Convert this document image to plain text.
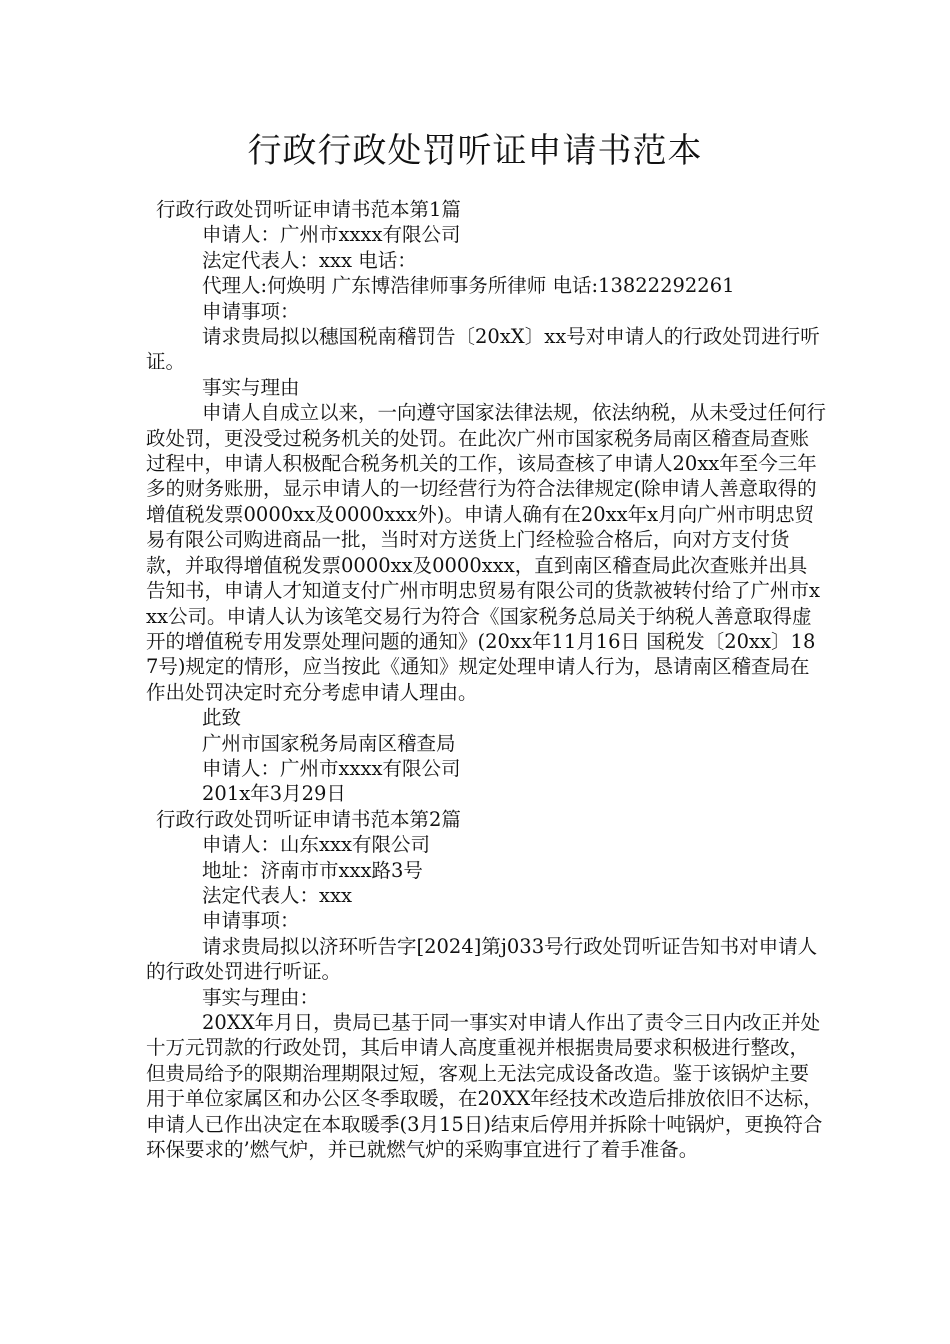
行政行政处罚听证申请书范本

行政行政处罚听证申请书范本第1篇

申请人：广州市xxxx有限公司

法定代表人：xxx 电话：

代理人:何焕明 广东博浩律师事务所律师 电话:13822292261

申请事项：

请求贵局拟以穗国税南稽罚告〔20xX〕xx号对申请人的行政处罚进行听证。

事实与理由

申请人自成立以来，一向遵守国家法律法规，依法纳税，从未受过任何行政处罚，更没受过税务机关的处罚。在此次广州市国家税务局南区稽查局查账过程中，申请人积极配合税务机关的工作，该局查核了申请人20xx年至今三年多的财务账册，显示申请人的一切经营行为符合法律规定(除申请人善意取得的增值税发票0000xx及0000xxx外)。申请人确有在20xx年x月向广州市明忠贸易有限公司购进商品一批，当时对方送货上门经检验合格后，向对方支付货款，并取得增值税发票0000xx及0000xxx，直到南区稽查局此次查账并出具告知书，申请人才知道支付广州市明忠贸易有限公司的货款被转付给了广州市xxx公司。申请人认为该笔交易行为符合《国家税务总局关于纳税人善意取得虚开的增值税专用发票处理问题的通知》(20xx年11月16日 国税发〔20xx〕187号)规定的情形，应当按此《通知》规定处理申请人行为，恳请南区稽查局在作出处罚决定时充分考虑申请人理由。

此致

广州市国家税务局南区稽查局

申请人：广州市xxxx有限公司

201x年3月29日

行政行政处罚听证申请书范本第2篇

申请人：山东xxx有限公司

地址：济南市市xxx路3号

法定代表人：xxx

申请事项：

请求贵局拟以济环听告字[2024]第j033号行政处罚听证告知书对申请人的行政处罚进行听证。

事实与理由：

20XX年月日，贵局已基于同一事实对申请人作出了责令三日内改正并处十万元罚款的行政处罚，其后申请人高度重视并根据贵局要求积极进行整改，但贵局给予的限期治理期限过短，客观上无法完成设备改造。鉴于该锅炉主要用于单位家属区和办公区冬季取暖，在20XX年经技术改造后排放依旧不达标，申请人已作出决定在本取暖季(3月15日)结束后停用并拆除十吨锅炉，更换符合环保要求的’燃气炉，并已就燃气炉的采购事宜进行了着手准备。
